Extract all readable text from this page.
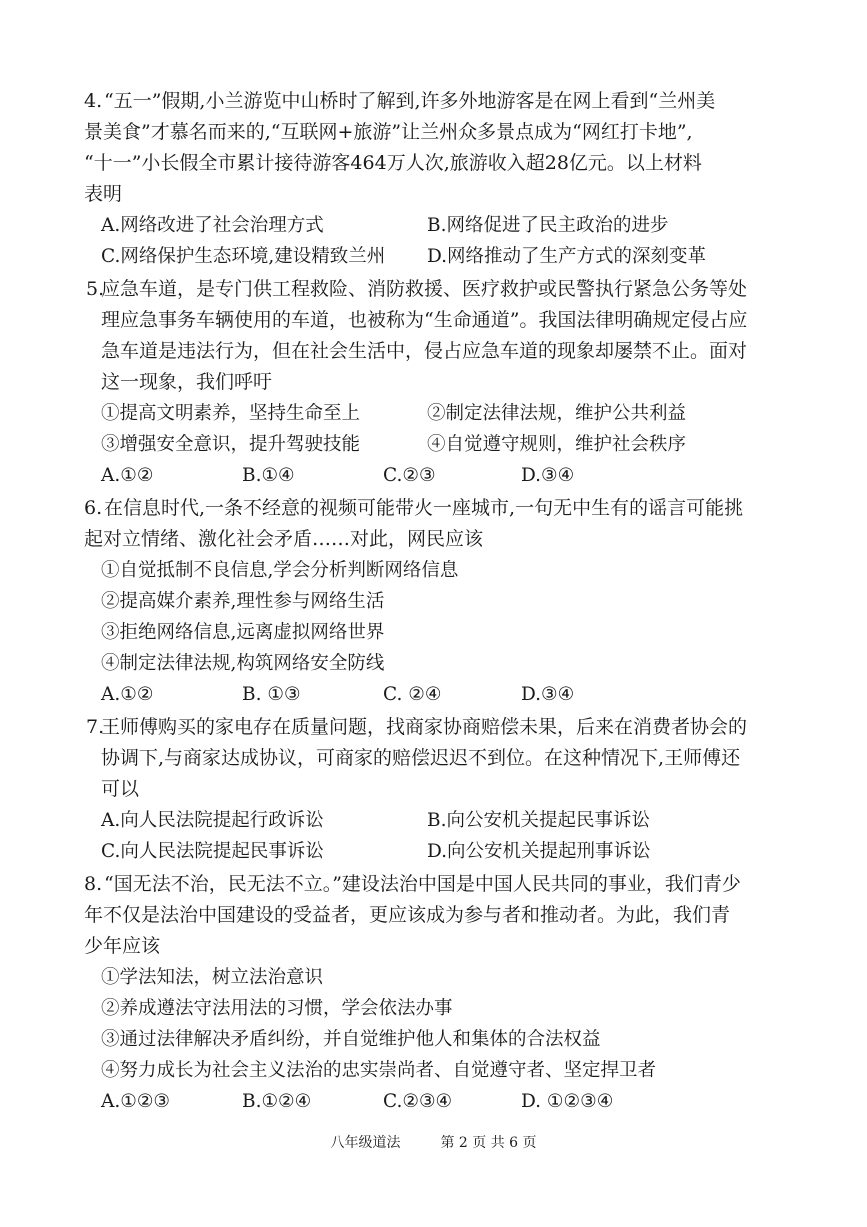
4. “五一”假期,小兰游览中山桥时了解到,许多外地游客是在网上看到“兰州美
景美食”才慕名而来的,“互联网+旅游”让兰州众多景点成为“网红打卡地”,
“十一”小长假全市累计接待游客464万人次,旅游收入超28亿元。以上材料
表明
A.网络改进了社会治理方式	B.网络促进了民主政治的进步
C.网络保护生态环境,建设精致兰州	D.网络推动了生产方式的深刻变革
5.
应急车道，是专门供工程救险、消防救援、医疗救护或民警执行紧急公务等处
理应急事务车辆使用的车道，也被称为“生命通道”。我国法律明确规定侵占应
急车道是违法行为，但在社会生活中，侵占应急车道的现象却屡禁不止。面对
这一现象，我们呼吁
①提高文明素养，坚持生命至上	②制定法律法规，维护公共利益
③增强安全意识，提升驾驶技能	④自觉遵守规则，维护社会秩序
A.①②	B.①④	C.②③	D.③④
6. 在信息时代,一条不经意的视频可能带火一座城市,一句无中生有的谣言可能挑
起对立情绪、激化社会矛盾……对此，网民应该
①自觉抵制不良信息,学会分析判断网络信息
②提高媒介素养,理性参与网络生活
③拒绝网络信息,远离虚拟网络世界
④制定法律法规,构筑网络安全防线
A.①②	B. ①③	C. ②④	D.③④
7.
王师傅购买的家电存在质量问题，找商家协商赔偿未果，后来在消费者协会的
协调下,与商家达成协议，可商家的赔偿迟迟不到位。在这种情况下,王师傅还
可以
A.向人民法院提起行政诉讼	B.向公安机关提起民事诉讼
C.向人民法院提起民事诉讼	D.向公安机关提起刑事诉讼
8. “国无法不治，民无法不立。”建设法治中国是中国人民共同的事业，我们青少
年不仅是法治中国建设的受益者，更应该成为参与者和推动者。为此，我们青
少年应该
①学法知法，树立法治意识
②养成遵法守法用法的习惯，学会依法办事
③通过法律解决矛盾纠纷，并自觉维护他人和集体的合法权益
④努力成长为社会主义法治的忠实崇尚者、自觉遵守者、坚定捍卫者
A.①②③	B.①②④	C.②③④	D. ①②③④
八年级道法	第 2 页 共 6 页
